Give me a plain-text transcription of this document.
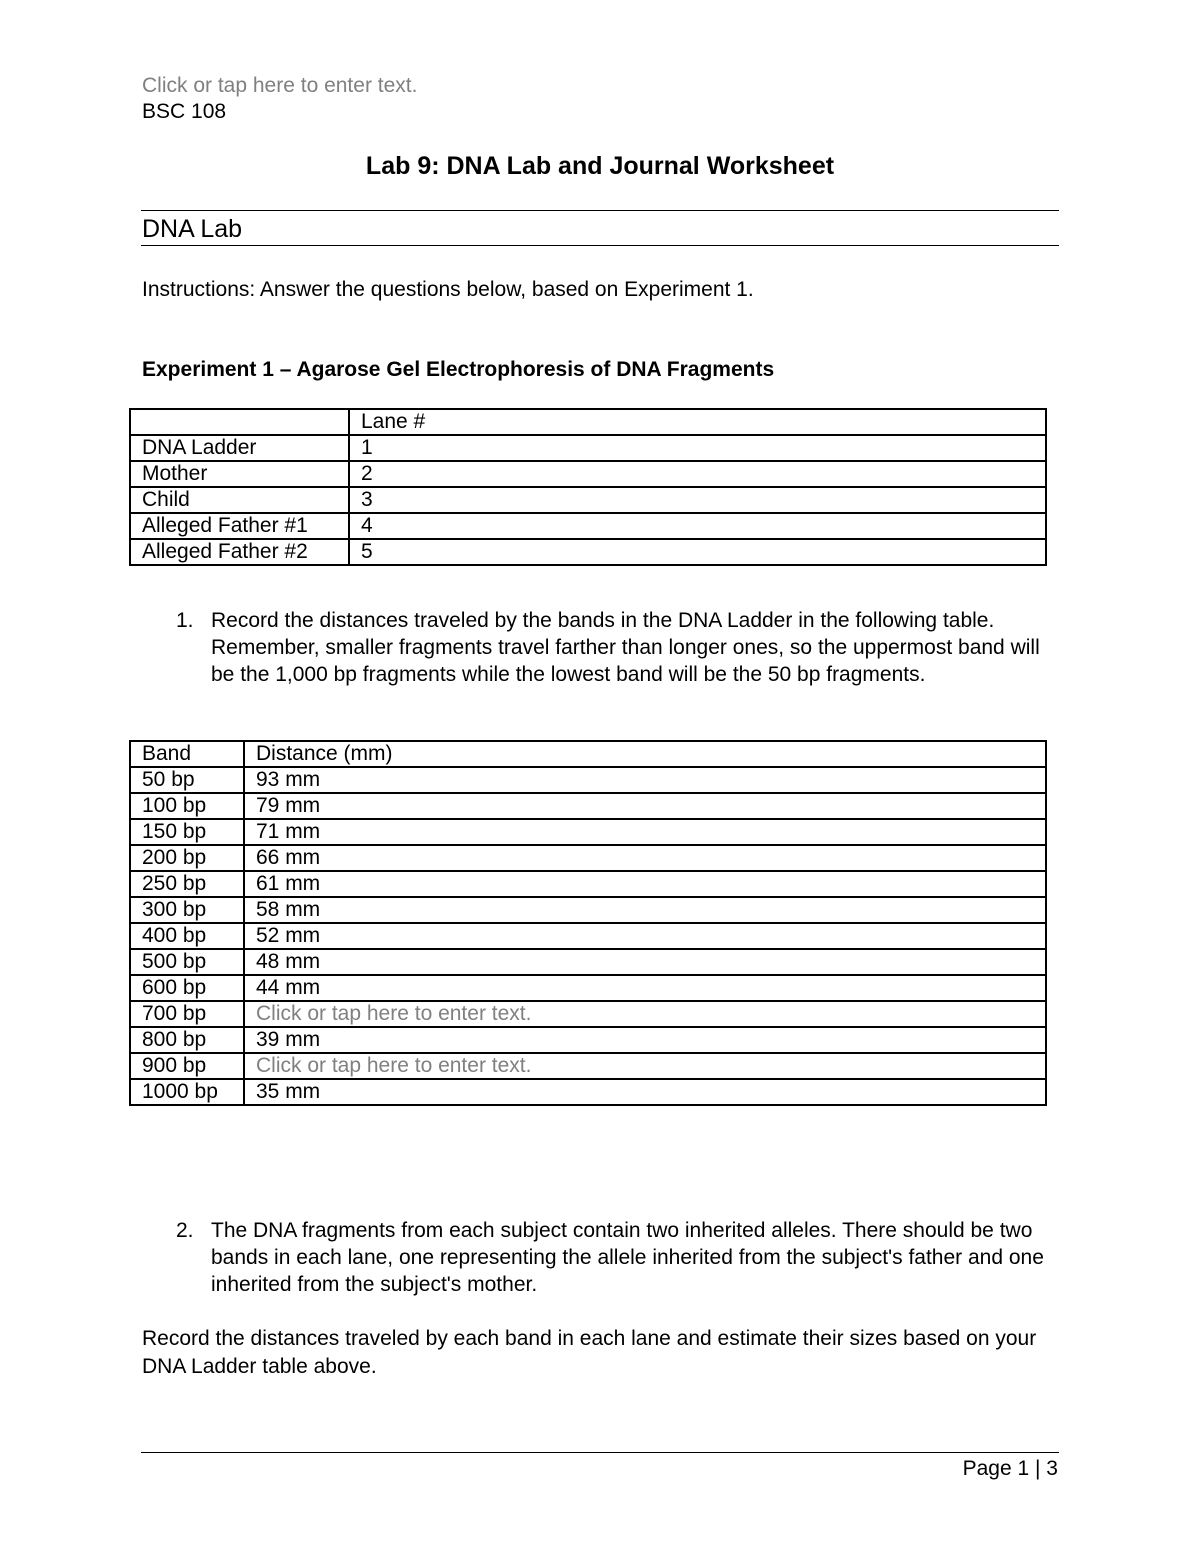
Click or tap here to enter text.
BSC 108
Lab 9: DNA Lab and Journal Worksheet
DNA Lab
Instructions: Answer the questions below, based on Experiment 1.
Experiment 1 – Agarose Gel Electrophoresis of DNA Fragments
	Lane #
DNA Ladder	1
Mother	2
Child	3
Alleged Father #1	4
Alleged Father #2	5
1. Record the distances traveled by the bands in the DNA Ladder in the following table. Remember, smaller fragments travel farther than longer ones, so the uppermost band will be the 1,000 bp fragments while the lowest band will be the 50 bp fragments.
Band	Distance (mm)
50 bp	93 mm
100 bp	79 mm
150 bp	71 mm
200 bp	66 mm
250 bp	61 mm
300 bp	58 mm
400 bp	52 mm
500 bp	48 mm
600 bp	44 mm
700 bp	Click or tap here to enter text.
800 bp	39 mm
900 bp	Click or tap here to enter text.
1000 bp	35 mm
2. The DNA fragments from each subject contain two inherited alleles. There should be two bands in each lane, one representing the allele inherited from the subject's father and one inherited from the subject's mother.
Record the distances traveled by each band in each lane and estimate their sizes based on your DNA Ladder table above.
Page 1 | 3
